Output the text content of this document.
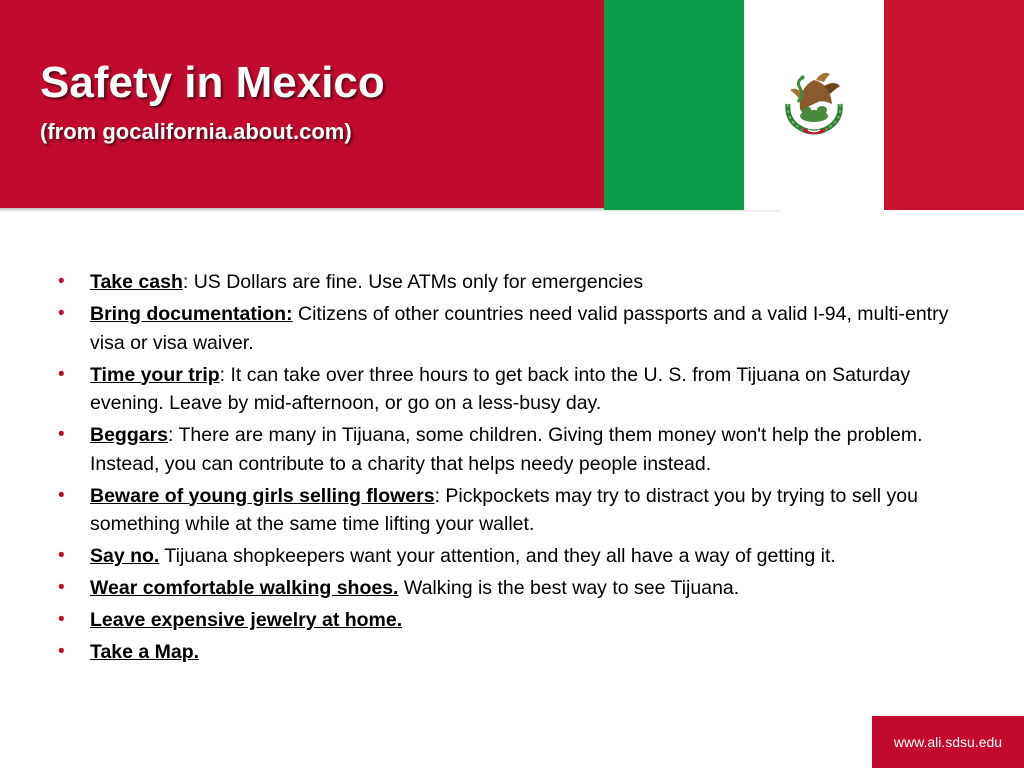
Safety in Mexico
(from gocalifornia.about.com)
• Take cash: US Dollars are fine. Use ATMs only for emergencies
• Bring documentation: Citizens of other countries need valid passports and a valid I-94, multi-entry visa or visa waiver.
• Time your trip: It can take over three hours to get back into the U. S. from Tijuana on Saturday evening. Leave by mid-afternoon, or go on a less-busy day.
• Beggars: There are many in Tijuana, some children. Giving them money won't help the problem. Instead, you can contribute to a charity that helps needy people instead.
• Beware of young girls selling flowers: Pickpockets may try to distract you by trying to sell you something while at the same time lifting your wallet.
• Say no. Tijuana shopkeepers want your attention, and they all have a way of getting it.
• Wear comfortable walking shoes. Walking is the best way to see Tijuana.
• Leave expensive jewelry at home.
• Take a Map.
www.ali.sdsu.edu
